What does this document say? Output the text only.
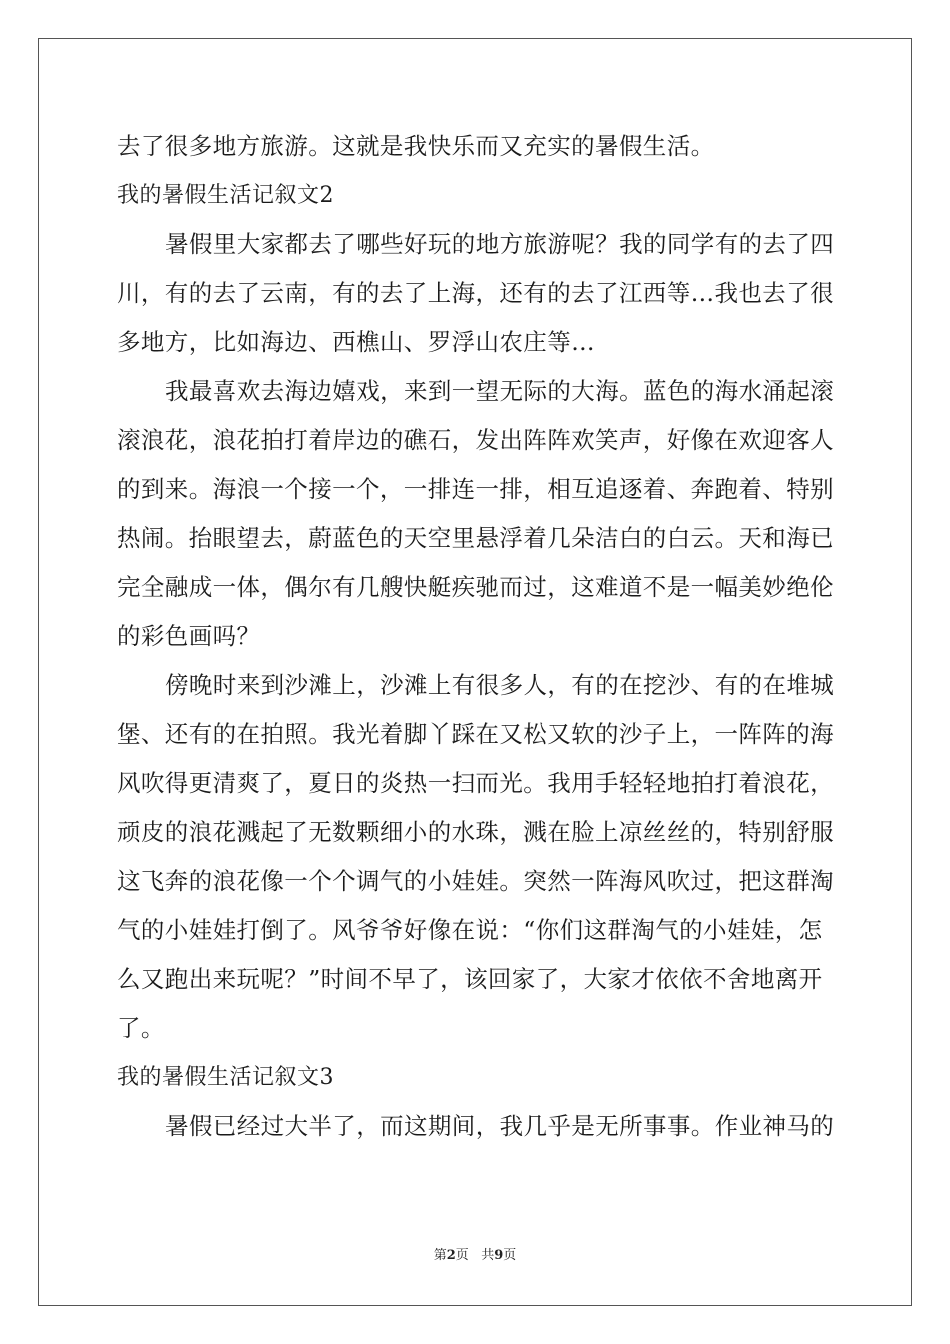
去了很多地方旅游。这就是我快乐而又充实的暑假生活。
我的暑假生活记叙文2
暑假里大家都去了哪些好玩的地方旅游呢？我的同学有的去了四
川，有的去了云南，有的去了上海，还有的去了江西等…我也去了很
多地方，比如海边、西樵山、罗浮山农庄等…
我最喜欢去海边嬉戏，来到一望无际的大海。蓝色的海水涌起滚
滚浪花，浪花拍打着岸边的礁石，发出阵阵欢笑声，好像在欢迎客人
的到来。海浪一个接一个，一排连一排，相互追逐着、奔跑着、特别
热闹。抬眼望去，蔚蓝色的天空里悬浮着几朵洁白的白云。天和海已
完全融成一体，偶尔有几艘快艇疾驰而过，这难道不是一幅美妙绝伦
的彩色画吗？
傍晚时来到沙滩上，沙滩上有很多人，有的在挖沙、有的在堆城
堡、还有的在拍照。我光着脚丫踩在又松又软的沙子上，一阵阵的海
风吹得更清爽了，夏日的炎热一扫而光。我用手轻轻地拍打着浪花，
顽皮的浪花溅起了无数颗细小的水珠，溅在脸上凉丝丝的，特别舒服
这飞奔的浪花像一个个调气的小娃娃。突然一阵海风吹过，把这群淘
气的小娃娃打倒了。风爷爷好像在说：“你们这群淘气的小娃娃，怎
么又跑出来玩呢？”时间不早了，该回家了，大家才依依不舍地离开
了。
我的暑假生活记叙文3
暑假已经过大半了，而这期间，我几乎是无所事事。作业神马的
第2页 共9页
